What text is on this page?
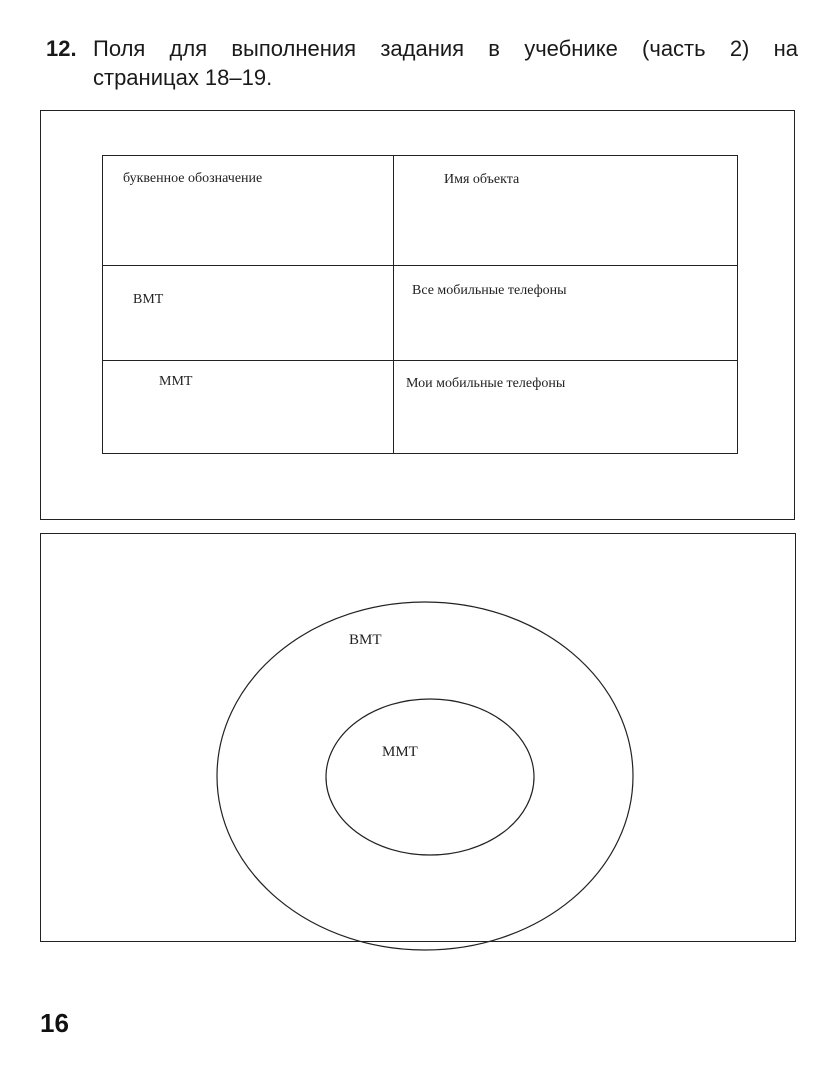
12. Поля для выполнения задания в учебнике (часть 2) на
страницах 18–19.
буквенное обозначение	Имя объекта

ВМТ	Все мобильные телефоны

ММТ	Мои мобильные телефоны
ВМТ
ММТ
16
